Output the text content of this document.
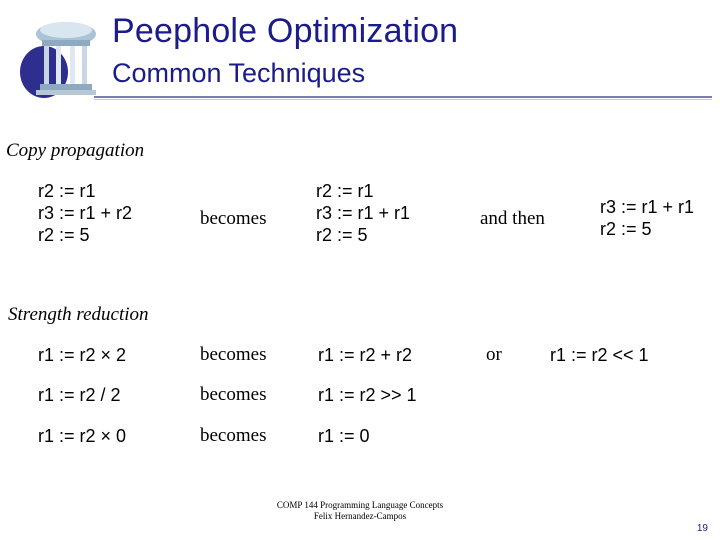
Peephole Optimization
Common Techniques
Copy propagation
r2 := r1
r3 := r1 + r2
r2 := 5
becomes
r2 := r1
r3 := r1 + r1
r2 := 5
and then
r3 := r1 + r1
r2 := 5
Strength reduction
r1 := r2 × 2	becomes	r1 := r2 + r2	or	r1 := r2 << 1
r1 := r2 / 2	becomes	r1 := r2 >> 1
r1 := r2 × 0	becomes	r1 := 0
COMP 144 Programming Language Concepts
Felix Hernandez-Campos
19
